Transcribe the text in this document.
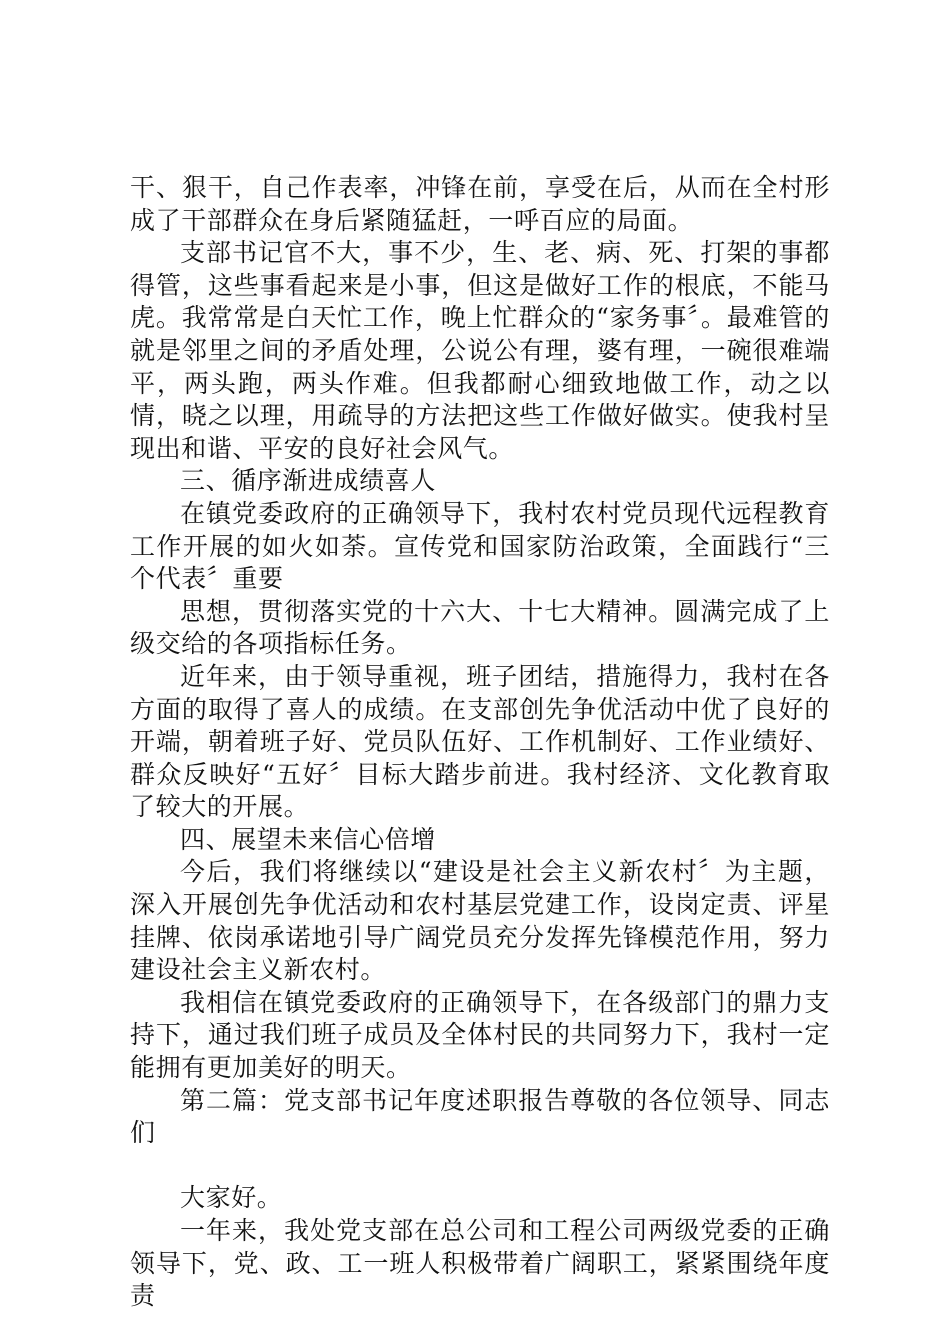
干、狠干，自己作表率，冲锋在前，享受在后，从而在全村形成了干部群众在身后紧随猛赶，一呼百应的局面。

支部书记官不大，事不少，生、老、病、死、打架的事都得管，这些事看起来是小事，但这是做好工作的根底，不能马虎。我常常是白天忙工作，晚上忙群众的“家务事〞。最难管的就是邻里之间的矛盾处理，公说公有理，婆有理，一碗很难端平，两头跑，两头作难。但我都耐心细致地做工作，动之以情，晓之以理，用疏导的方法把这些工作做好做实。使我村呈现出和谐、平安的良好社会风气。

三、循序渐进成绩喜人

在镇党委政府的正确领导下，我村农村党员现代远程教育工作开展的如火如荼。宣传党和国家防治政策，全面践行“三个代表〞重要

思想，贯彻落实党的十六大、十七大精神。圆满完成了上级交给的各项指标任务。

近年来，由于领导重视，班子团结，措施得力，我村在各方面的取得了喜人的成绩。在支部创先争优活动中优了良好的开端，朝着班子好、党员队伍好、工作机制好、工作业绩好、群众反映好“五好〞目标大踏步前进。我村经济、文化教育取了较大的开展。

四、展望未来信心倍增

今后，我们将继续以“建设是社会主义新农村〞为主题，深入开展创先争优活动和农村基层党建工作，设岗定责、评星挂牌、依岗承诺地引导广阔党员充分发挥先锋模范作用，努力建设社会主义新农村。

我相信在镇党委政府的正确领导下，在各级部门的鼎力支持下，通过我们班子成员及全体村民的共同努力下，我村一定能拥有更加美好的明天。

第二篇：党支部书记年度述职报告尊敬的各位领导、同志们

大家好。

一年来，我处党支部在总公司和工程公司两级党委的正确领导下，党、政、工一班人积极带着广阔职工，紧紧围绕年度责
